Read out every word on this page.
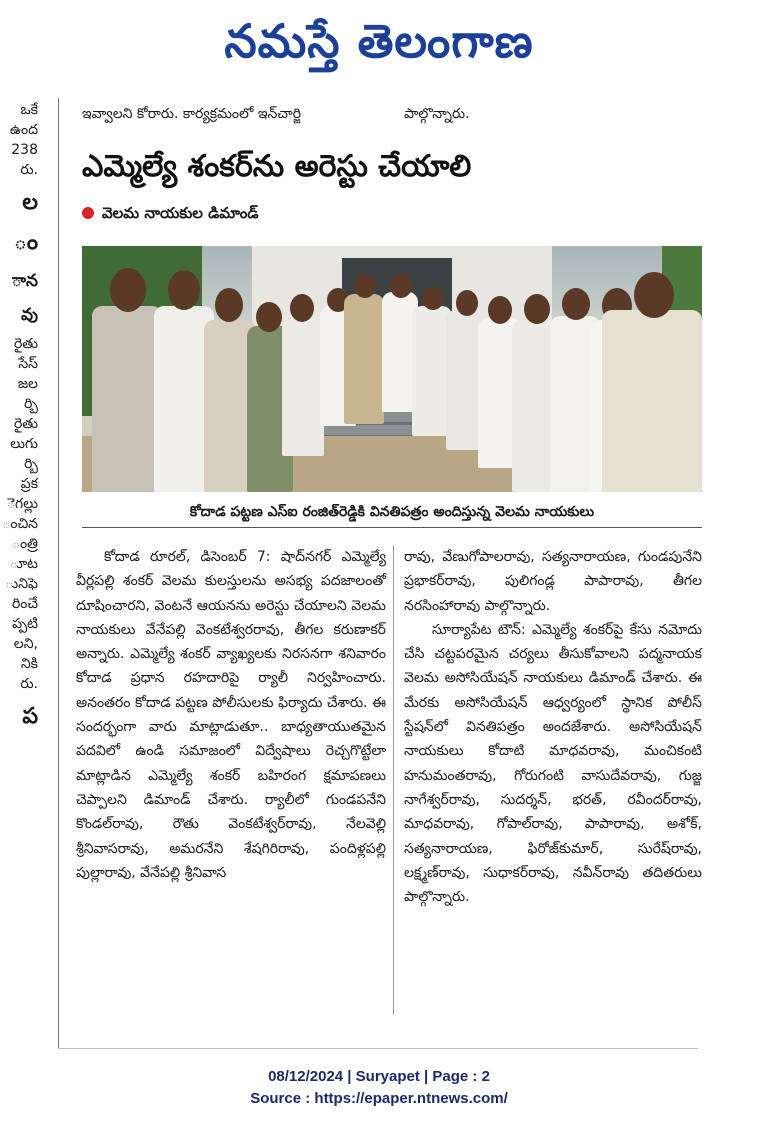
నమస్తే తెలంగాణ
ఒకే
ఉంద
238
రు.
ల
ం
ాన
వు
రైతు
సేస్
జల
ర్బి
రైతు
లుగు
ర్బి
ప్రక
ెగల్లు
ంచిన
ంత్రి
ూట
ునిఫె
రించే
ప్పటి
లని,
నికి
రు.
ప
ఇవ్వాలని కోరారు. కార్యక్రమంలో ఇన్‌చార్జి	పాల్గొన్నారు.
ఎమ్మెల్యే శంకర్‌ను అరెస్టు చేయాలి
వెలమ నాయకుల డిమాండ్
కోదాడ పట్టణ ఎస్‌ఐ రంజిత్‌రెడ్డికి వినతిపత్రం అందిస్తున్న వెలమ నాయకులు

కోదాడ రూరల్, డిసెంబర్ 7: షాద్‌నగర్ ఎమ్మెల్యే వీర్లపల్లి శంకర్ వెలమ కులస్తులను అసభ్య పదజాలంతో దూషించారని, వెంటనే ఆయనను అరెస్టు చేయాలని వెలమ నాయకులు వేనేపల్లి వెంకటేశ్వరరావు, తీగల కరుణాకర్ అన్నారు. ఎమ్మెల్యే శంకర్ వ్యాఖ్యలకు నిరసనగా శనివారం కోదాడ ప్రధాన రహదారిపై ర్యాలీ నిర్వహించారు. అనంతరం కోదాడ పట్టణ పోలీసులకు ఫిర్యాదు చేశారు. ఈ సందర్భంగా వారు మాట్లాడుతూ.. బాధ్యతాయుతమైన పదవిలో ఉండి సమాజంలో విద్వేషాలు రెచ్చగొట్టేలా మాట్లాడిన ఎమ్మెల్యే శంకర్ బహిరంగ క్షమాపణలు చెప్పాలని డిమాండ్ చేశారు. ర్యాలీలో గుండపనేని కొండల్‌రావు, రౌతు వెంకటేశ్వర్‌రావు, నేలవెల్లి శ్రీనివాసరావు, అమరనేని శేషగిరిరావు, పందిళ్లపల్లి పుల్లారావు, వేనేపల్లి శ్రీనివాస

రావు, వేణుగోపాలరావు, సత్యనారాయణ, గుండపునేని ప్రభాకర్‌రావు, పులిగండ్ల పాపారావు, తీగల నరసింహారావు పాల్గొన్నారు.

సూర్యాపేట టౌన్: ఎమ్మెల్యే శంకర్‌పై కేసు నమోదు చేసి చట్టపరమైన చర్యలు తీసుకోవాలని పద్మనాయక వెలమ అసోసియేషన్ నాయకులు డిమాండ్ చేశారు. ఈ మేరకు అసోసియేషన్ ఆధ్వర్యంలో స్థానిక పోలీస్ స్టేషన్‌లో వినతిపత్రం అందజేశారు. అసోసియేషన్ నాయకులు కోదాటి మాధవరావు, మంచికంటి హనుమంతరావు, గోరుగంటి వాసుదేవరావు, గుజ్జ నాగేశ్వర్‌రావు, సుదర్శన్, భరత్, రవీందర్‌రావు, మాధవరావు, గోపాల్‌రావు, పాపారావు, అశోక్, సత్యనారాయణ, ఫిరోజ్‌కుమార్, సురేష్‌రావు, లక్ష్మణ్‌రావు, సుధాకర్‌రావు, నవీన్‌రావు తదితరులు పాల్గొన్నారు.

08/12/2024 | Suryapet | Page : 2
Source : https://epaper.ntnews.com/
